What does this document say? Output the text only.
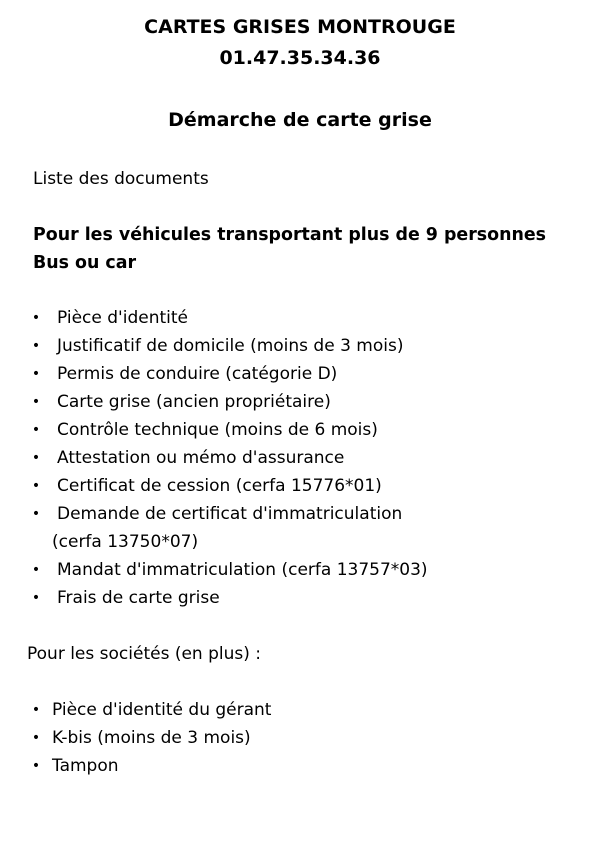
CARTES GRISES MONTROUGE
01.47.35.34.36
Démarche de carte grise
Liste des documents
Pour les véhicules transportant plus de 9 personnes
Bus ou car
• Pièce d'identité
• Justificatif de domicile (moins de 3 mois)
• Permis de conduire (catégorie D)
• Carte grise (ancien propriétaire)
• Contrôle technique (moins de 6 mois)
• Attestation ou mémo d'assurance
• Certificat de cession (cerfa 15776*01)
• Demande de certificat d'immatriculation
(cerfa 13750*07)
• Mandat d'immatriculation (cerfa 13757*03)
• Frais de carte grise
Pour les sociétés (en plus) :
• Pièce d'identité du gérant
• K-bis (moins de 3 mois)
• Tampon
